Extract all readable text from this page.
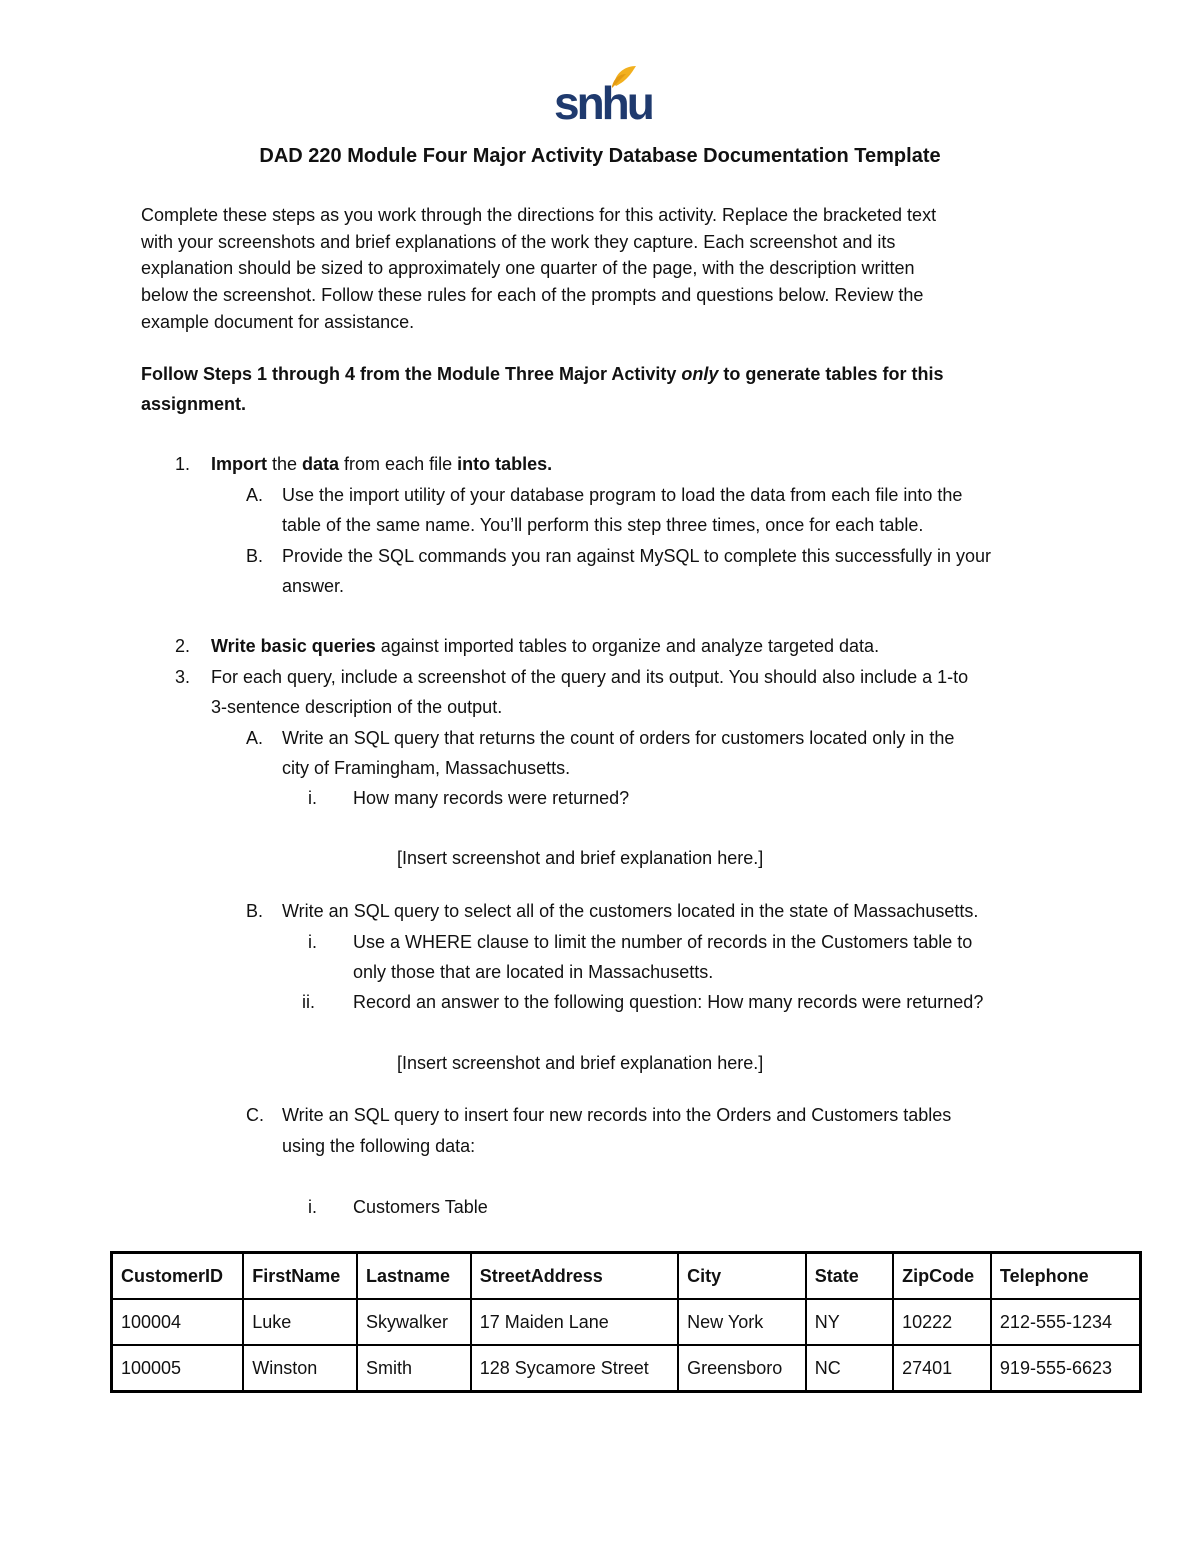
snhu
DAD 220 Module Four Major Activity Database Documentation Template
Complete these steps as you work through the directions for this activity. Replace the bracketed text
with your screenshots and brief explanations of the work they capture. Each screenshot and its
explanation should be sized to approximately one quarter of the page, with the description written
below the screenshot. Follow these rules for each of the prompts and questions below. Review the
example document for assistance.
Follow Steps 1 through 4 from the Module Three Major Activity only to generate tables for this
assignment.
1. Import the data from each file into tables.
A. Use the import utility of your database program to load the data from each file into the
table of the same name. You’ll perform this step three times, once for each table.
B. Provide the SQL commands you ran against MySQL to complete this successfully in your
answer.
2. Write basic queries against imported tables to organize and analyze targeted data.
3. For each query, include a screenshot of the query and its output. You should also include a 1-to
3-sentence description of the output.
A. Write an SQL query that returns the count of orders for customers located only in the
city of Framingham, Massachusetts.
i. How many records were returned?
[Insert screenshot and brief explanation here.]
B. Write an SQL query to select all of the customers located in the state of Massachusetts.
i. Use a WHERE clause to limit the number of records in the Customers table to
only those that are located in Massachusetts.
ii. Record an answer to the following question: How many records were returned?
[Insert screenshot and brief explanation here.]
C. Write an SQL query to insert four new records into the Orders and Customers tables
using the following data:
i. Customers Table
CustomerID	FirstName	Lastname	StreetAddress	City	State	ZipCode	Telephone
100004	Luke	Skywalker	17 Maiden Lane	New York	NY	10222	212-555-1234
100005	Winston	Smith	128 Sycamore Street	Greensboro	NC	27401	919-555-6623
